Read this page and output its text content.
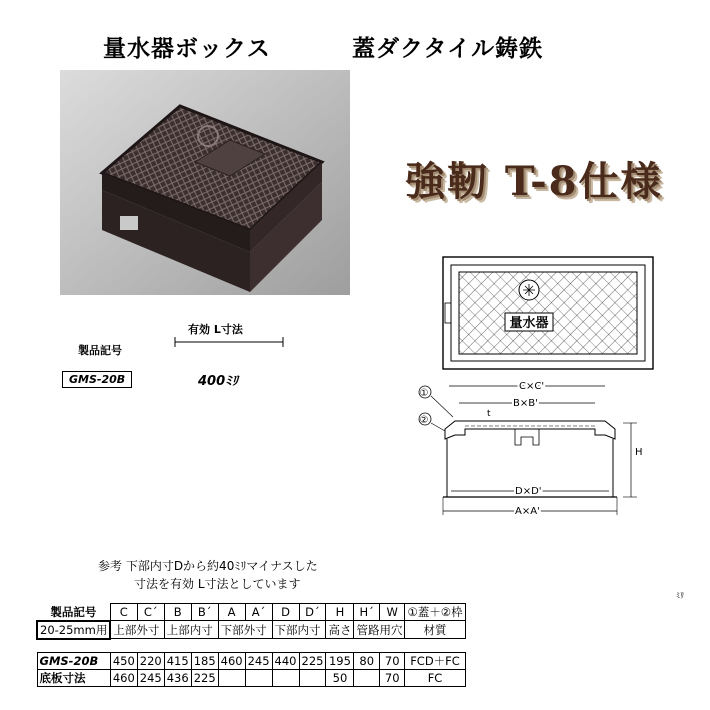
量水器ボックス	蓋ダクタイル鋳鉄
強靭 T-8仕様
有効 L寸法
製品記号
GMS-20B	400ﾐﾘ
量水器
①
②
C×C'
B×B'
t
H
D×D'
A×A'
参考 下部内寸Dから約40ﾐﾘマイナスした
寸法を有効 L寸法としています
ﾐﾘ
製品記号	C	C´	B	B´	A	A´	D	D´	H	H´	W	①蓋＋②枠
20-25mm用	上部外寸		上部内寸		下部外寸		下部内寸		高さ	管路用穴		材質

GMS-20B	450	220	415	185	460	245	440	225	195	80	70	FCD＋FC
底板寸法	460	245	436	225					50		70	FC
